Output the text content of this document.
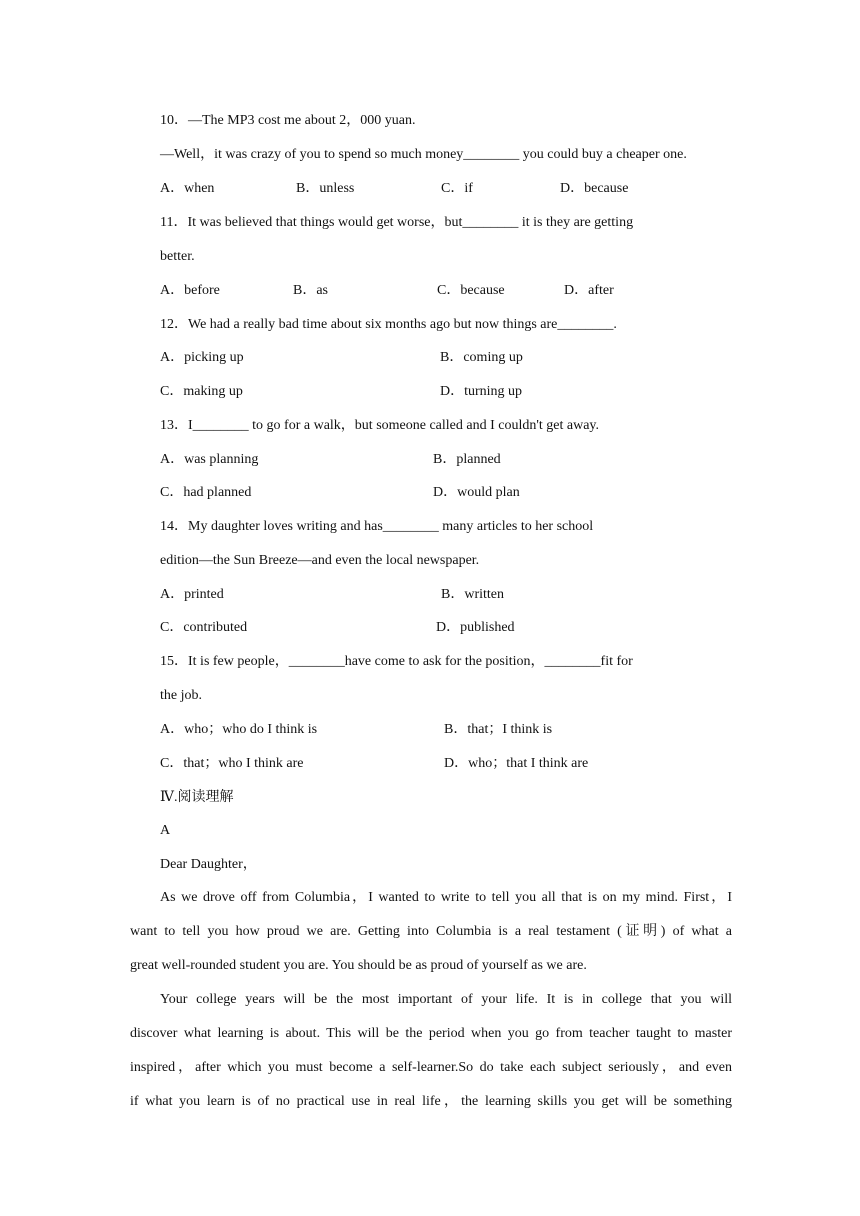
10．—The MP3 cost me about 2，000 yuan.
—Well，it was crazy of you to spend so much money________ you could buy a cheaper one.
A．when	B．unless	C．if	D．because
11．It was believed that things would get worse，but________ it is they are getting
better.
A．before	B．as	C．because	D．after
12．We had a really bad time about six months ago but now things are________.
A．picking up	B．coming up
C．making up	D．turning up
13．I________ to go for a walk，but someone called and I couldn't get away.
A．was planning	B．planned
C．had planned	D．would plan
14．My daughter loves writing and has________ many articles to her school
edition—the Sun Breeze—and even the local newspaper.
A．printed	B．written
C．contributed	D．published
15．It is few people，________have come to ask for the position，________fit for
the job.
A．who；who do I think is	B．that；I think is
C．that；who I think are	D．who；that I think are
Ⅳ.阅读理解
A
Dear Daughter，
As we drove off from Columbia，I wanted to write to tell you all that is on my mind. First，I
want to tell you how proud we are. Getting into Columbia is a real testament (证明) of what a
great well-rounded student you are. You should be as proud of yourself as we are.
Your college years will be the most important of your life. It is in college that you will
discover what learning is about. This will be the period when you go from teacher taught to master
inspired，after which you must become a self-learner.So do take each subject seriously，and even
if what you learn is of no practical use in real life，the learning skills you get will be something
